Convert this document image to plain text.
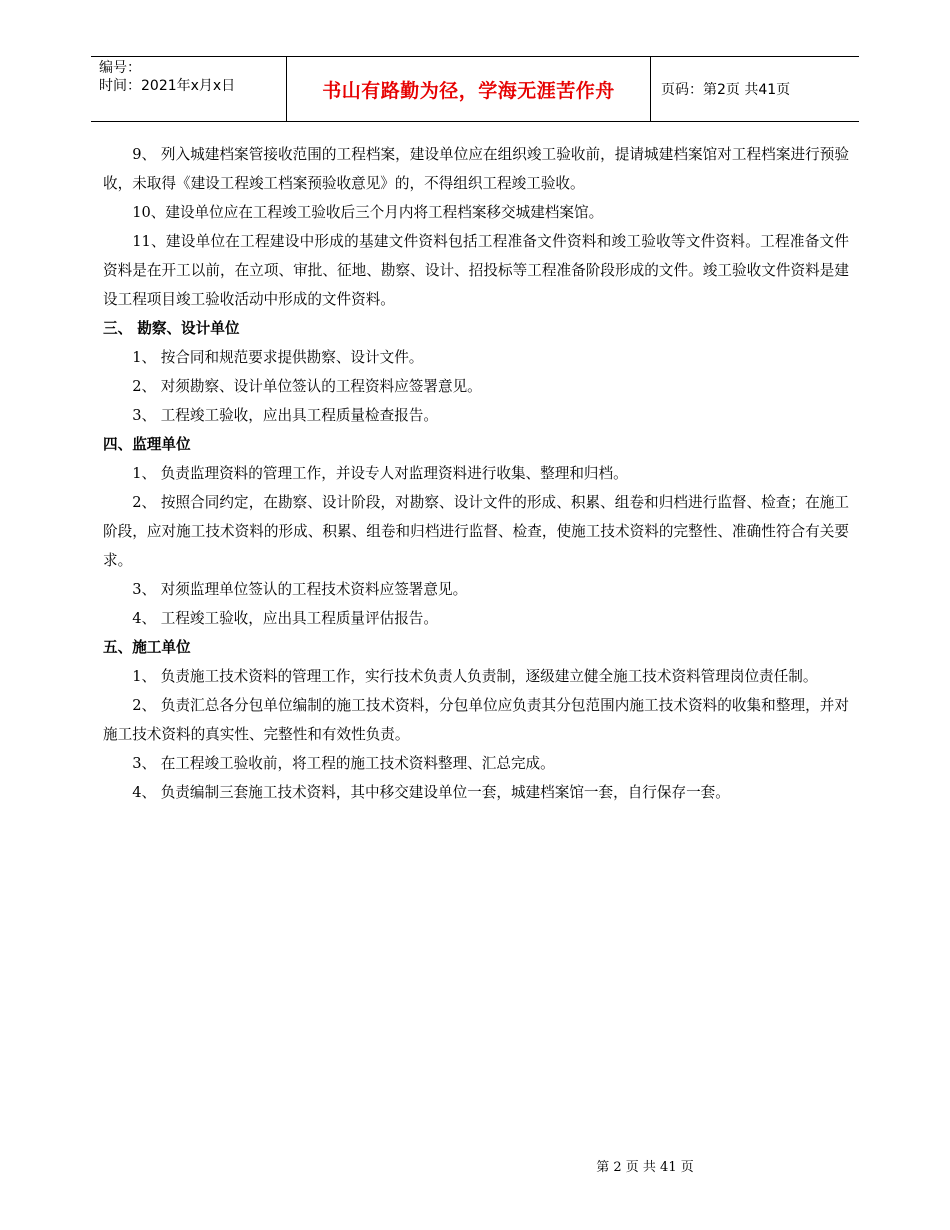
编号：
时间：2021年x月x日	书山有路勤为径，学海无涯苦作舟	页码：第2页 共41页

9、 列入城建档案管接收范围的工程档案，建设单位应在组织竣工验收前，提请城建档案馆对工程档案进行预验收，未取得《建设工程竣工档案预验收意见》的，不得组织工程竣工验收。

10、建设单位应在工程竣工验收后三个月内将工程档案移交城建档案馆。

11、建设单位在工程建设中形成的基建文件资料包括工程准备文件资料和竣工验收等文件资料。工程准备文件资料是在开工以前，在立项、审批、征地、勘察、设计、招投标等工程准备阶段形成的文件。竣工验收文件资料是建设工程项目竣工验收活动中形成的文件资料。

三、 勘察、设计单位

1、 按合同和规范要求提供勘察、设计文件。

2、 对须勘察、设计单位签认的工程资料应签署意见。

3、 工程竣工验收，应出具工程质量检查报告。

四、监理单位

1、 负责监理资料的管理工作，并设专人对监理资料进行收集、整理和归档。

2、 按照合同约定，在勘察、设计阶段，对勘察、设计文件的形成、积累、组卷和归档进行监督、检查；在施工阶段，应对施工技术资料的形成、积累、组卷和归档进行监督、检查，使施工技术资料的完整性、准确性符合有关要求。

3、 对须监理单位签认的工程技术资料应签署意见。

4、 工程竣工验收，应出具工程质量评估报告。

五、施工单位

1、 负责施工技术资料的管理工作，实行技术负责人负责制，逐级建立健全施工技术资料管理岗位责任制。

2、 负责汇总各分包单位编制的施工技术资料，分包单位应负责其分包范围内施工技术资料的收集和整理，并对施工技术资料的真实性、完整性和有效性负责。

3、 在工程竣工验收前，将工程的施工技术资料整理、汇总完成。

4、 负责编制三套施工技术资料，其中移交建设单位一套，城建档案馆一套，自行保存一套。

第 2 页 共 41 页
